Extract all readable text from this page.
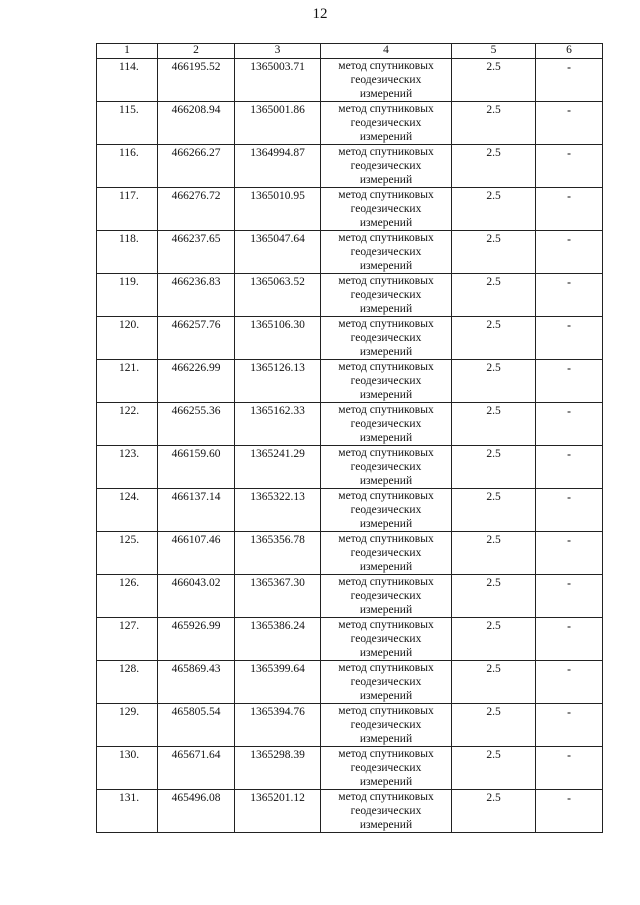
12
1	2	3	4	5	6

114.	466195.52	1365003.71	метод спутниковых
геодезических
измерений	2.5	-

115.	466208.94	1365001.86	метод спутниковых
геодезических
измерений	2.5	-

116.	466266.27	1364994.87	метод спутниковых
геодезических
измерений	2.5	-

117.	466276.72	1365010.95	метод спутниковых
геодезических
измерений	2.5	-

118.	466237.65	1365047.64	метод спутниковых
геодезических
измерений	2.5	-

119.	466236.83	1365063.52	метод спутниковых
геодезических
измерений	2.5	-

120.	466257.76	1365106.30	метод спутниковых
геодезических
измерений	2.5	-

121.	466226.99	1365126.13	метод спутниковых
геодезических
измерений	2.5	-

122.	466255.36	1365162.33	метод спутниковых
геодезических
измерений	2.5	-

123.	466159.60	1365241.29	метод спутниковых
геодезических
измерений	2.5	-

124.	466137.14	1365322.13	метод спутниковых
геодезических
измерений	2.5	-

125.	466107.46	1365356.78	метод спутниковых
геодезических
измерений	2.5	-

126.	466043.02	1365367.30	метод спутниковых
геодезических
измерений	2.5	-

127.	465926.99	1365386.24	метод спутниковых
геодезических
измерений	2.5	-

128.	465869.43	1365399.64	метод спутниковых
геодезических
измерений	2.5	-

129.	465805.54	1365394.76	метод спутниковых
геодезических
измерений	2.5	-

130.	465671.64	1365298.39	метод спутниковых
геодезических
измерений	2.5	-

131.	465496.08	1365201.12	метод спутниковых
геодезических
измерений	2.5	-
